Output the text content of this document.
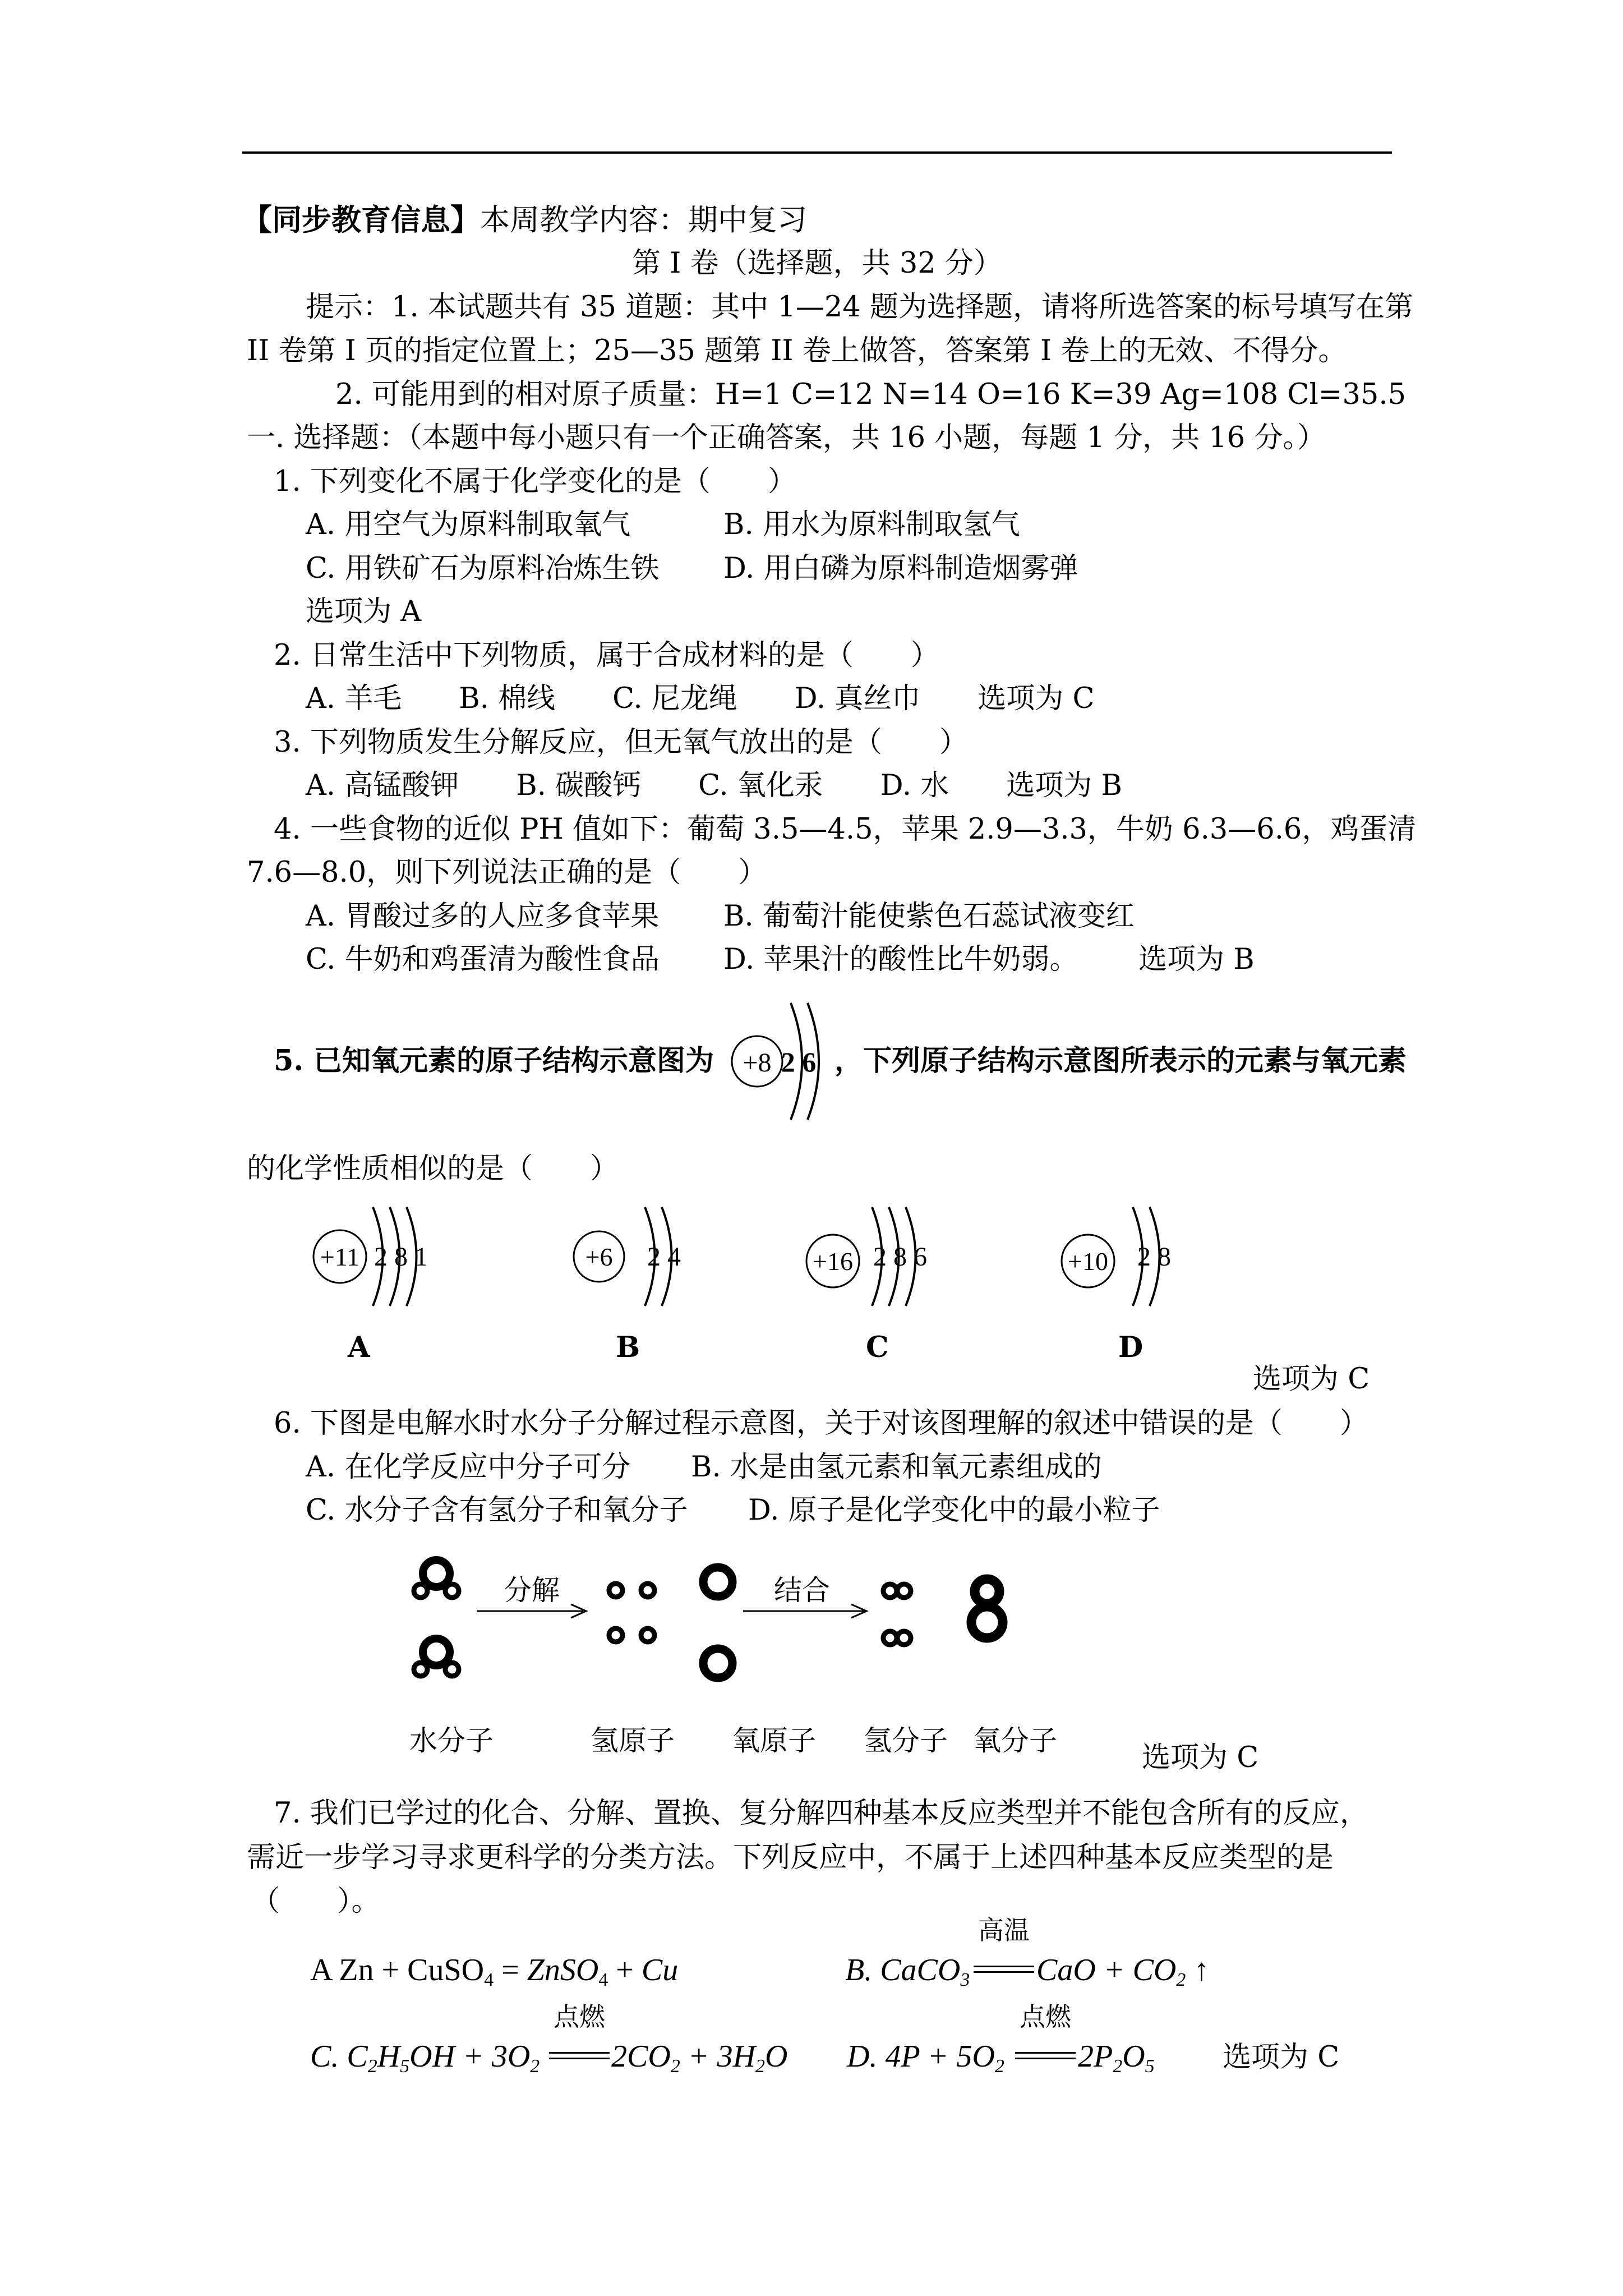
【同步教育信息】本周教学内容：期中复习
第 I 卷（选择题，共 32 分）
提示：1. 本试题共有 35 道题：其中 1—24 题为选择题，请将所选答案的标号填写在第
II 卷第 I 页的指定位置上；25—35 题第 II 卷上做答，答案第 I 卷上的无效、不得分。
2. 可能用到的相对原子质量：H=1 C=12 N=14 O=16 K=39 Ag=108 Cl=35.5
一. 选择题：（本题中每小题只有一个正确答案，共 16 小题，每题 1 分，共 16 分。）
1. 下列变化不属于化学变化的是（　　）
A. 用空气为原料制取氧气	B. 用水为原料制取氢气
C. 用铁矿石为原料冶炼生铁 D. 用白磷为原料制造烟雾弹
选项为 A
2. 日常生活中下列物质，属于合成材料的是（　　）
A. 羊毛　　B. 棉线　　C. 尼龙绳　　D. 真丝巾　　选项为 C
3. 下列物质发生分解反应，但无氧气放出的是（　　）
A. 高锰酸钾　　B. 碳酸钙　　C. 氧化汞　　D. 水　　选项为 B
4. 一些食物的近似 PH 值如下：葡萄 3.5—4.5，苹果 2.9—3.3，牛奶 6.3—6.6，鸡蛋清
7.6—8.0，则下列说法正确的是（　　）
A. 胃酸过多的人应多食苹果 B. 葡萄汁能使紫色石蕊试液变红
C. 牛奶和鸡蛋清为酸性食品 D. 苹果汁的酸性比牛奶弱。 选项为 B
5. 已知氧元素的原子结构示意图为 +8 2 6 ，下列原子结构示意图所表示的元素与氧元素
的化学性质相似的是（　　）
+11 2 8 1	+6 2 4	+16 2 8 6	+10 2 8
A	B	C	D
选项为 C
6. 下图是电解水时水分子分解过程示意图，关于对该图理解的叙述中错误的是（　　）
A. 在化学反应中分子可分 B. 水是由氢元素和氧元素组成的
C. 水分子含有氢分子和氧分子 D. 原子是化学变化中的最小粒子
分解	结合
水分子	氢原子 氧原子 氢分子 氧分子
选项为 C
7. 我们已学过的化合、分解、置换、复分解四种基本反应类型并不能包含所有的反应，
需近一步学习寻求更科学的分类方法。下列反应中，不属于上述四种基本反应类型的是
（　　）。
A Zn + CuSO$_4$ = ZnSO$_4$ + Cu
高温
B. CaCO$_3$ CaO + $CO_2$ ↑
C. $C_2H_5OH + 3O_2$
点燃
$2CO_2 + 3H_2O$ D. $4P + 5O_2$
点燃
$2P_2O_5$ 选项为 C
